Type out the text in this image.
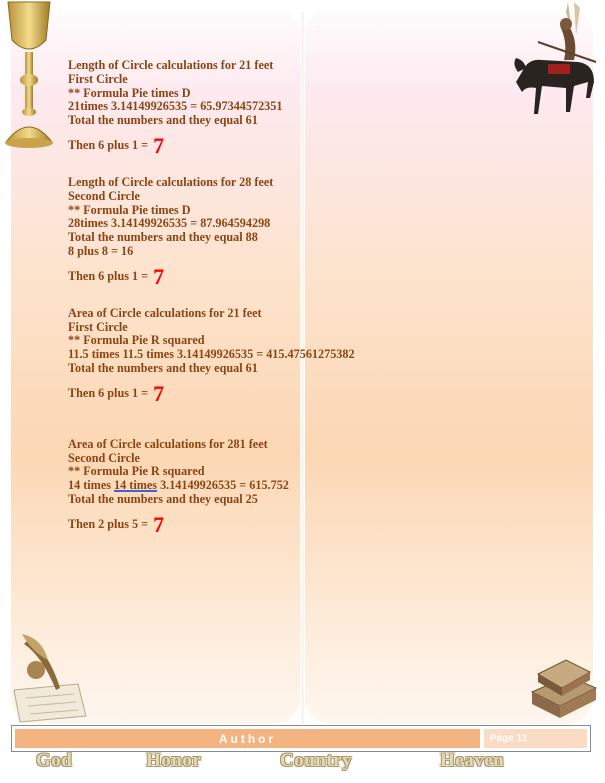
Length of Circle calculations for 21 feet
First Circle
** Formula Pie times D
21times 3.14149926535 = 65.97344572351
Total the numbers and they equal 61
Then 6 plus 1 = 7
Length of Circle calculations for 28 feet
Second Circle
** Formula Pie times D
28times 3.14149926535 = 87.964594298
Total the numbers and they equal 88
8 plus 8 = 16
Then 6 plus 1 = 7
Area of Circle calculations for 21 feet
First Circle
** Formula Pie R squared
11.5 times 11.5 times 3.14149926535 = 415.47561275382
Total the numbers and they equal 61
Then 6 plus 1 = 7
Area of Circle calculations for 281 feet
Second Circle
** Formula Pie R squared
14 times 14 times 3.14149926535 = 615.752
Total the numbers and they equal 25
Then 2 plus 5 = 7
Author	Page 11
God	Honor	Country	Heaven
